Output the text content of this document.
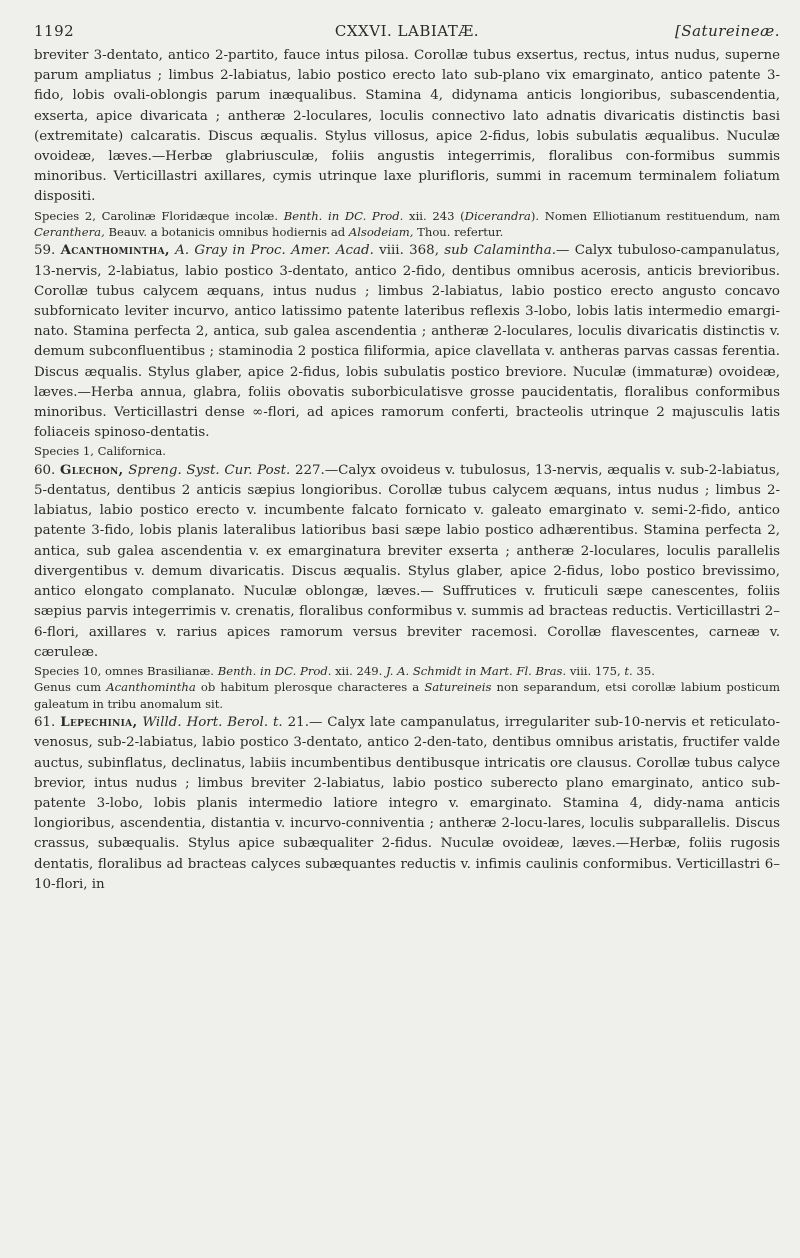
1192	CXXVI. LABIATÆ.	[Satureineæ.

breviter 3-dentato, antico 2-partito, fauce intus pilosa. Corollæ tubus exsertus, rectus, intus nudus, superne parum ampliatus ; limbus 2-labiatus, labio postico erecto lato sub-plano vix emarginato, antico patente 3-fido, lobis ovali-oblongis parum inæqualibus. Stamina 4, didynama anticis longioribus, subascendentia, exserta, apice divaricata ; antheræ 2-loculares, loculis connectivo lato adnatis divaricatis distinctis basi (extremitate) calcaratis. Discus æqualis. Stylus villosus, apice 2-fidus, lobis subulatis æqualibus. Nuculæ ovoideæ, læves.—Herbæ glabriusculæ, foliis angustis integerrimis, floralibus con-formibus summis minoribus. Verticillastri axillares, cymis utrinque laxe plurifloris, summi in racemum terminalem foliatum dispositi.

Species 2, Carolinæ Floridæque incolæ. Benth. in DC. Prod. xii. 243 (Dicerandra). Nomen Elliotianum restituendum, nam Ceranthera, Beauv. a botanicis omnibus hodiernis ad Alsodeiam, Thou. refertur.

59. Acanthomintha, A. Gray in Proc. Amer. Acad. viii. 368, sub Calamintha.— Calyx tubuloso-campanulatus, 13-nervis, 2-labiatus, labio postico 3-dentato, antico 2-fido, dentibus omnibus acerosis, anticis brevioribus. Corollæ tubus calycem æquans, intus nudus ; limbus 2-labiatus, labio postico erecto angusto concavo subfornicato leviter incurvo, antico latissimo patente lateribus reflexis 3-lobo, lobis latis intermedio emargi-nato. Stamina perfecta 2, antica, sub galea ascendentia ; antheræ 2-loculares, loculis divaricatis distinctis v. demum subconfluentibus ; staminodia 2 postica filiformia, apice clavellata v. antheras parvas cassas ferentia. Discus æqualis. Stylus glaber, apice 2-fidus, lobis subulatis postico breviore. Nuculæ (immaturæ) ovoideæ, læves.—Herba annua, glabra, foliis obovatis suborbiculatisve grosse paucidentatis, floralibus conformibus minoribus. Verticillastri dense ∞-flori, ad apices ramorum conferti, bracteolis utrinque 2 majusculis latis foliaceis spinoso-dentatis.

Species 1, Californica.

60. Glechon, Spreng. Syst. Cur. Post. 227.—Calyx ovoideus v. tubulosus, 13-nervis, æqualis v. sub-2-labiatus, 5-dentatus, dentibus 2 anticis sæpius longioribus. Corollæ tubus calycem æquans, intus nudus ; limbus 2-labiatus, labio postico erecto v. incumbente falcato fornicato v. galeato emarginato v. semi-2-fido, antico patente 3-fido, lobis planis lateralibus latioribus basi sæpe labio postico adhærentibus. Stamina perfecta 2, antica, sub galea ascendentia v. ex emarginatura breviter exserta ; antheræ 2-loculares, loculis parallelis divergentibus v. demum divaricatis. Discus æqualis. Stylus glaber, apice 2-fidus, lobo postico brevissimo, antico elongato complanato. Nuculæ oblongæ, læves.— Suffrutices v. fruticuli sæpe canescentes, foliis sæpius parvis integerrimis v. crenatis, floralibus conformibus v. summis ad bracteas reductis. Verticillastri 2–6-flori, axillares v. rarius apices ramorum versus breviter racemosi. Corollæ flavescentes, carneæ v. cæruleæ.

Species 10, omnes Brasilianæ. Benth. in DC. Prod. xii. 249. J. A. Schmidt in Mart. Fl. Bras. viii. 175, t. 35.
Genus cum Acanthomintha ob habitum plerosque characteres a Satureineis non separandum, etsi corollæ labium posticum galeatum in tribu anomalum sit.

61. Lepechinia, Willd. Hort. Berol. t. 21.— Calyx late campanulatus, irregulariter sub-10-nervis et reticulato-venosus, sub-2-labiatus, labio postico 3-dentato, antico 2-den-tato, dentibus omnibus aristatis, fructifer valde auctus, subinflatus, declinatus, labiis incumbentibus dentibusque intricatis ore clausus. Corollæ tubus calyce brevior, intus nudus ; limbus breviter 2-labiatus, labio postico suberecto plano emarginato, antico sub-patente 3-lobo, lobis planis intermedio latiore integro v. emarginato. Stamina 4, didy-nama anticis longioribus, ascendentia, distantia v. incurvo-conniventia ; antheræ 2-locu-lares, loculis subparallelis. Discus crassus, subæqualis. Stylus apice subæqualiter 2-fidus. Nuculæ ovoideæ, læves.—Herbæ, foliis rugosis dentatis, floralibus ad bracteas calyces subæquantes reductis v. infimis caulinis conformibus. Verticillastri 6–10-flori, in
